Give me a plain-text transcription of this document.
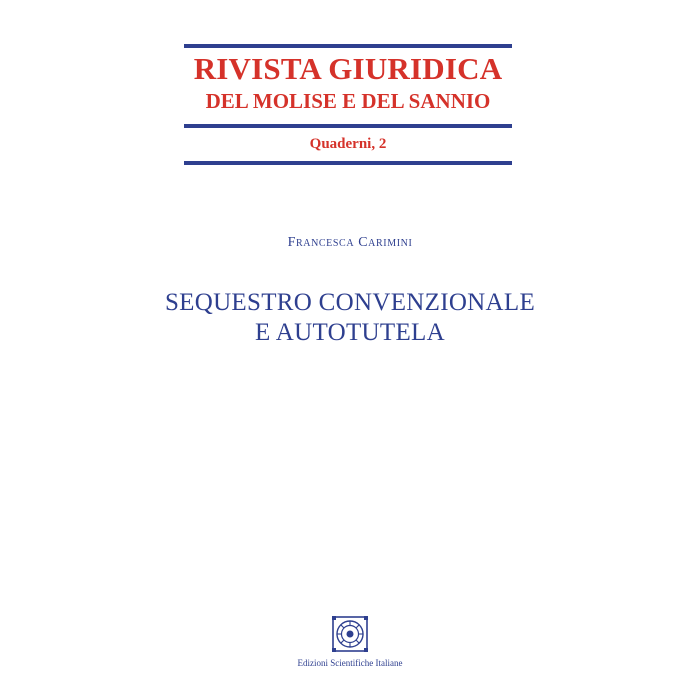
RIVISTA GIURIDICA
DEL MOLISE E DEL SANNIO
Quaderni, 2
Francesca Carimini
SEQUESTRO CONVENZIONALE
E AUTOTUTELA
Edizioni Scientifiche Italiane
